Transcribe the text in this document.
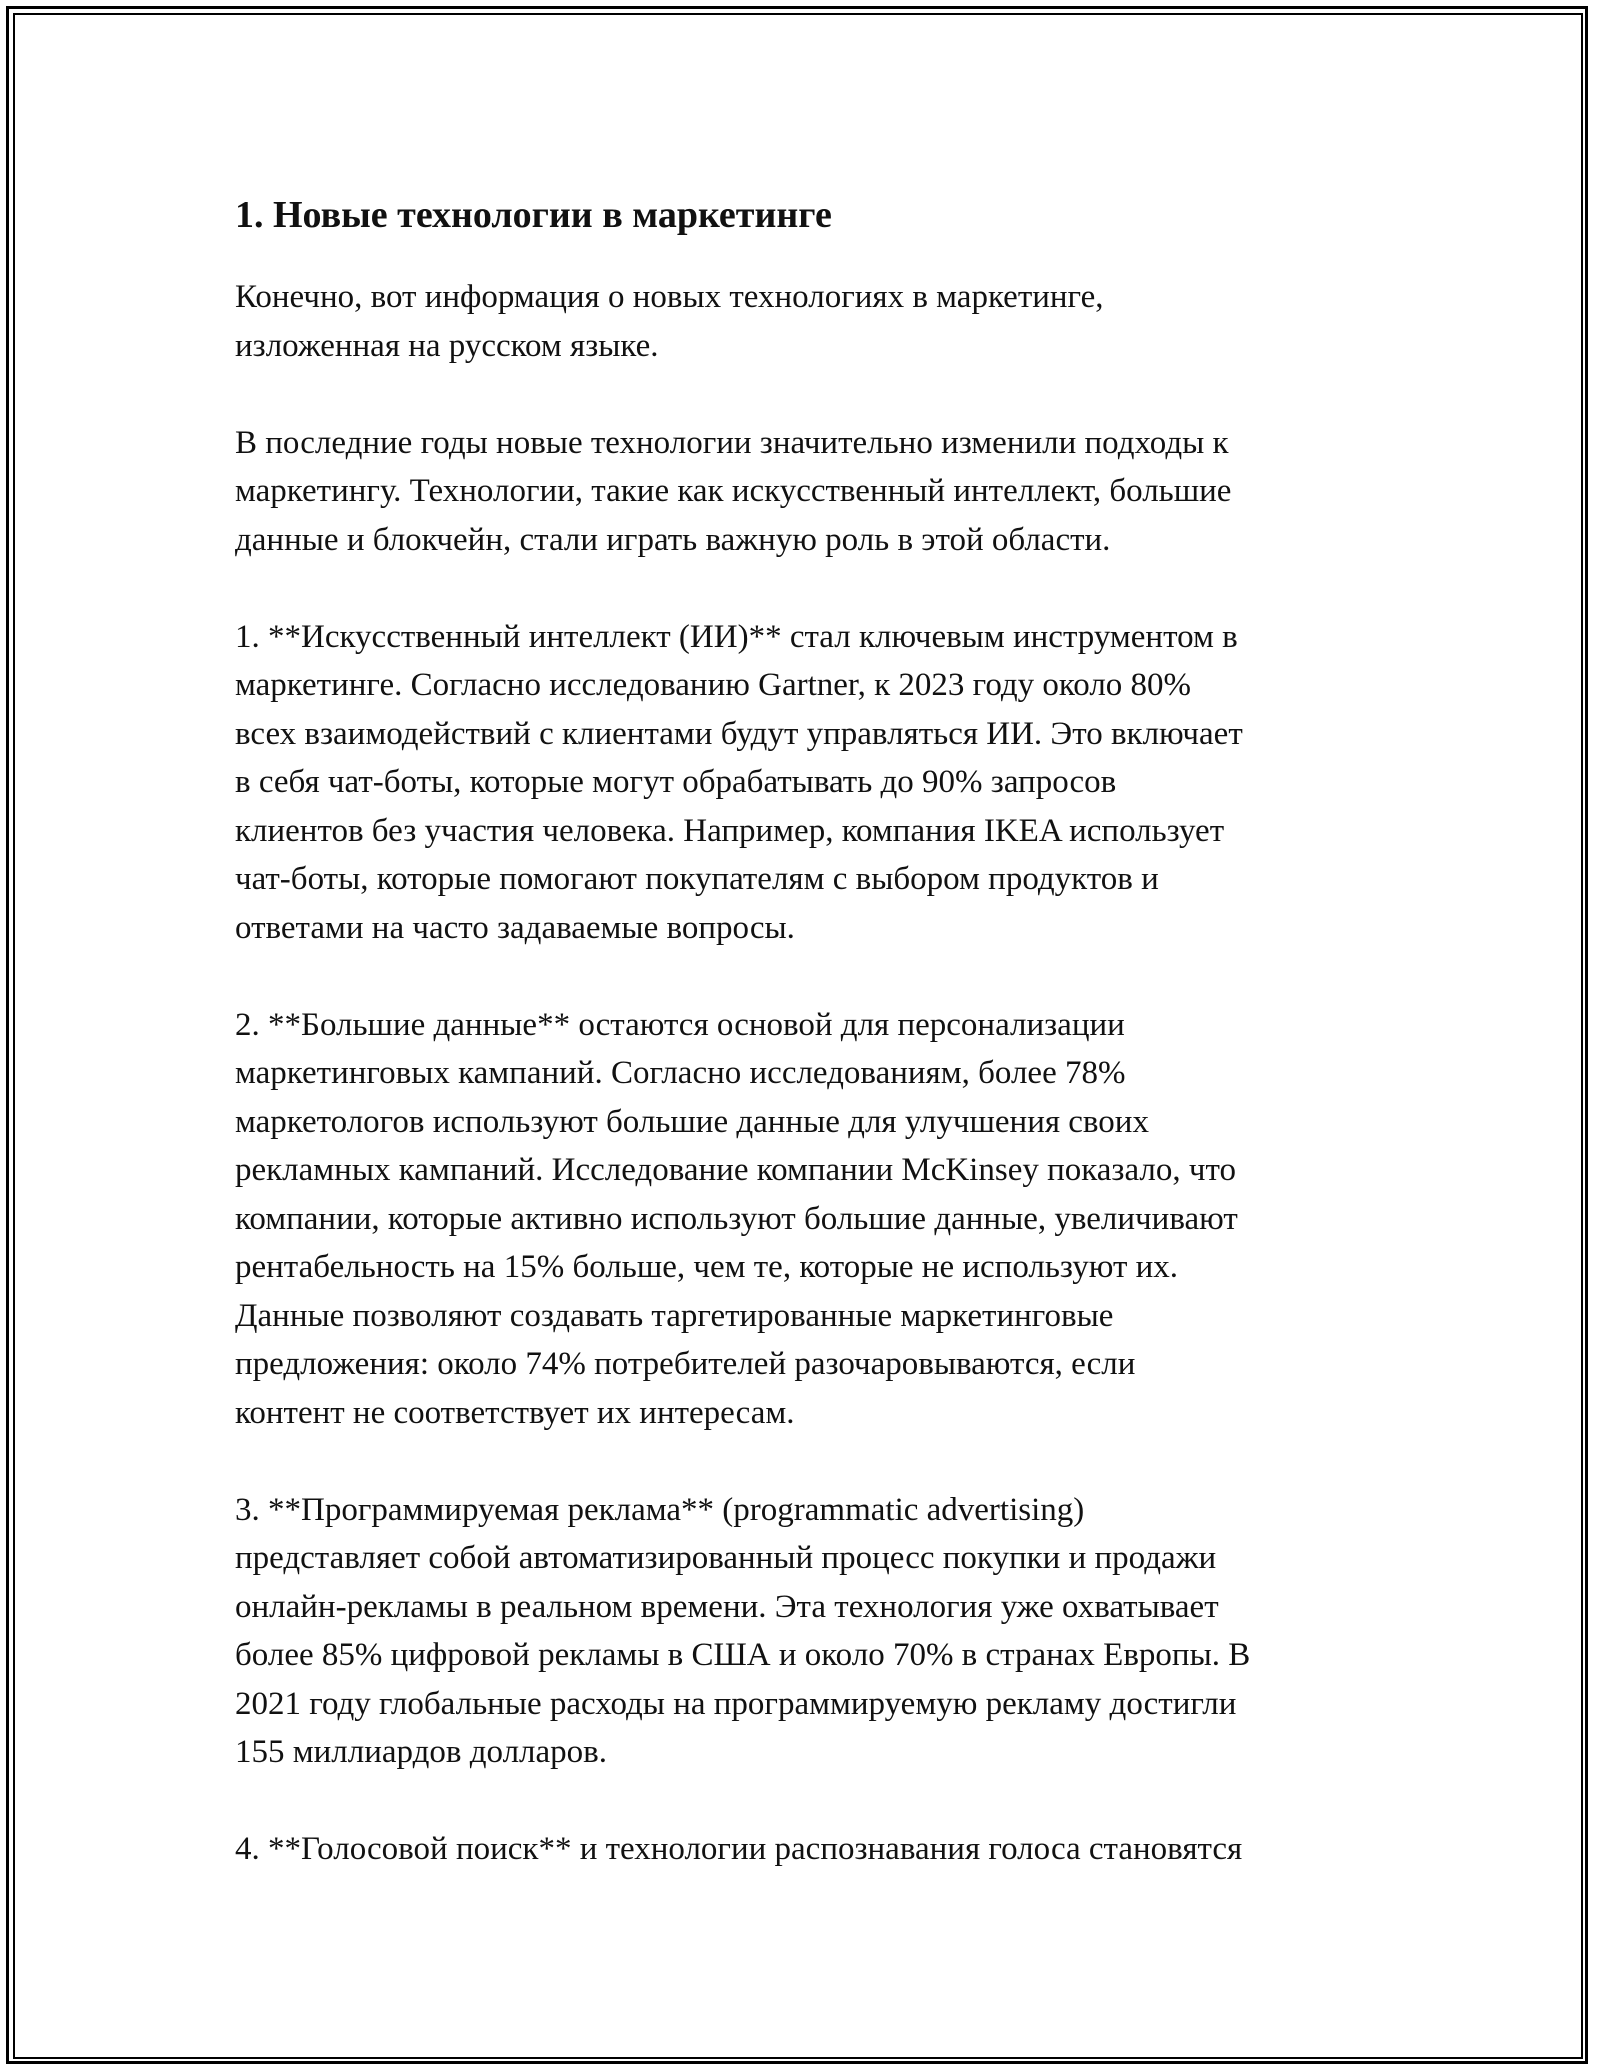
1. Новые технологии в маркетинге

Конечно, вот информация о новых технологиях в маркетинге,
изложенная на русском языке.

В последние годы новые технологии значительно изменили подходы к
маркетингу. Технологии, такие как искусственный интеллект, большие
данные и блокчейн, стали играть важную роль в этой области.

1. **Искусственный интеллект (ИИ)** стал ключевым инструментом в
маркетинге. Согласно исследованию Gartner, к 2023 году около 80%
всех взаимодействий с клиентами будут управляться ИИ. Это включает
в себя чат-боты, которые могут обрабатывать до 90% запросов
клиентов без участия человека. Например, компания IKEA использует
чат-боты, которые помогают покупателям с выбором продуктов и
ответами на часто задаваемые вопросы.

2. **Большие данные** остаются основой для персонализации
маркетинговых кампаний. Согласно исследованиям, более 78%
маркетологов используют большие данные для улучшения своих
рекламных кампаний. Исследование компании McKinsey показало, что
компании, которые активно используют большие данные, увеличивают
рентабельность на 15% больше, чем те, которые не используют их.
Данные позволяют создавать таргетированные маркетинговые
предложения: около 74% потребителей разочаровываются, если
контент не соответствует их интересам.

3. **Программируемая реклама** (programmatic advertising)
представляет собой автоматизированный процесс покупки и продажи
онлайн-рекламы в реальном времени. Эта технология уже охватывает
более 85% цифровой рекламы в США и около 70% в странах Европы. В
2021 году глобальные расходы на программируемую рекламу достигли
155 миллиардов долларов.

4. **Голосовой поиск** и технологии распознавания голоса становятся
